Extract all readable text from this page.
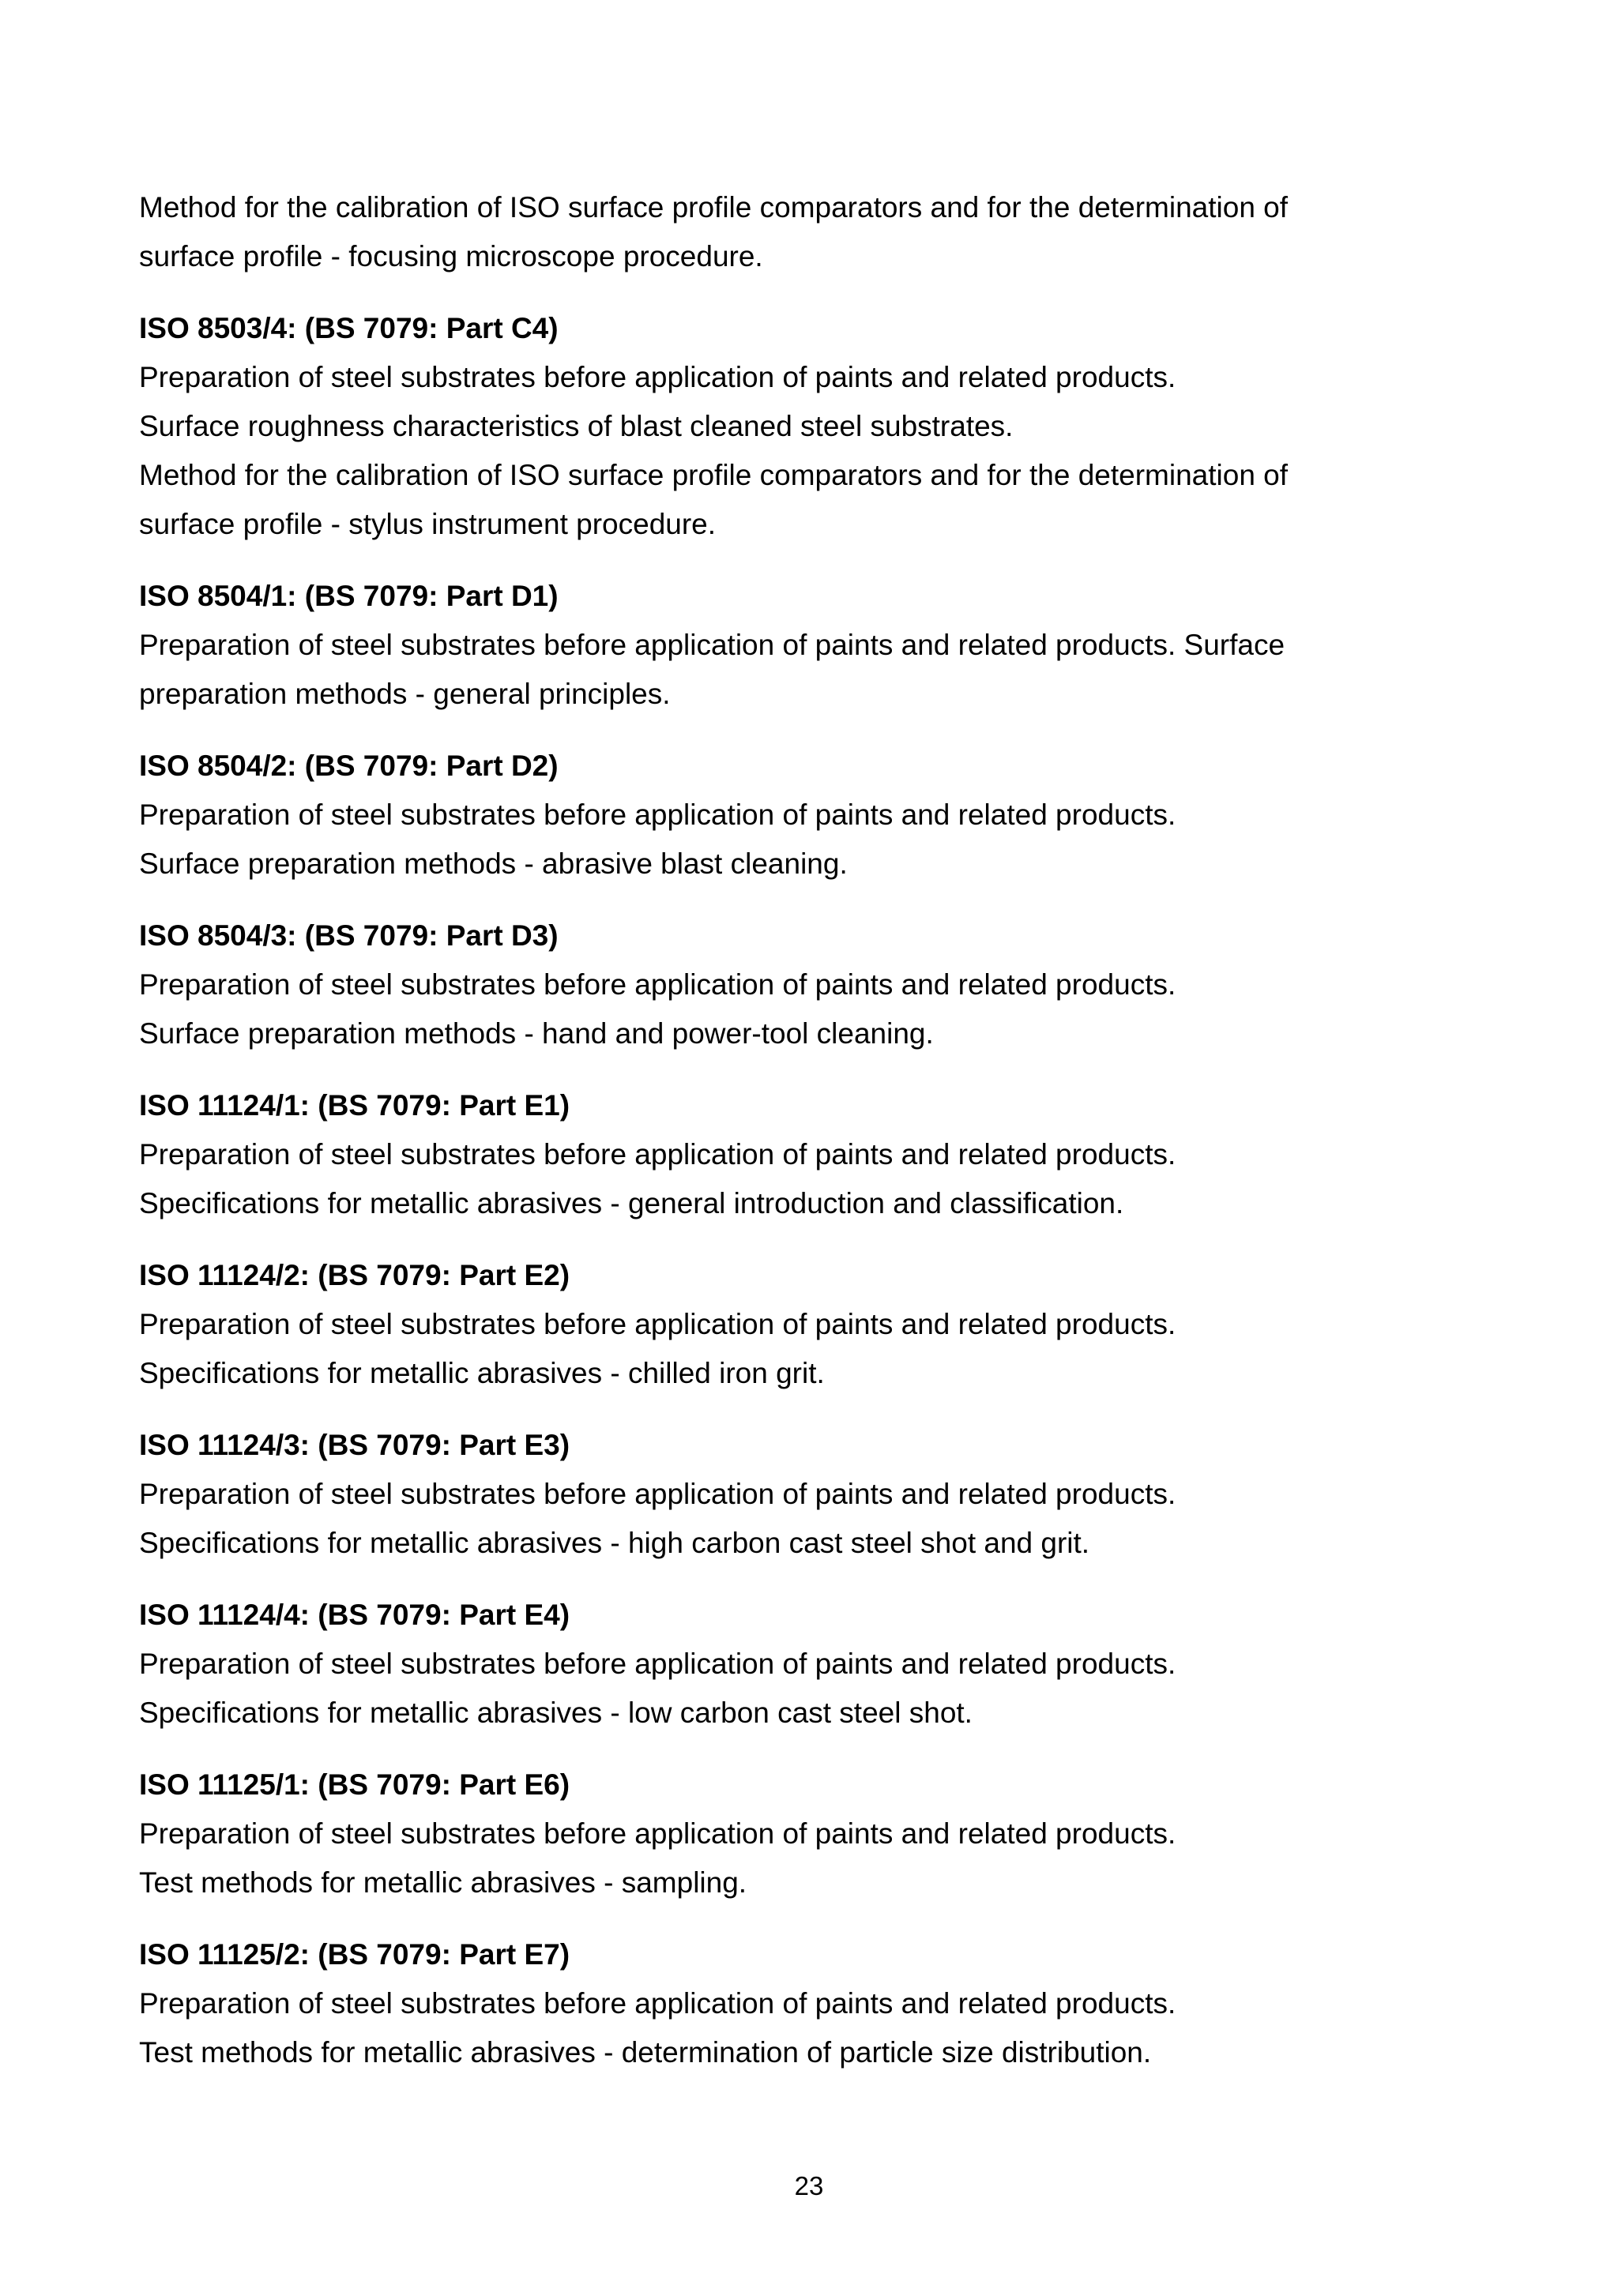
Method for the calibration of ISO surface profile comparators and for the determination of

surface profile - focusing microscope procedure.

ISO 8503/4: (BS 7079: Part C4)

Preparation of steel substrates before application of paints and related products.

Surface roughness characteristics of blast cleaned steel substrates.

Method for the calibration of ISO surface profile comparators and for the determination of

surface profile - stylus instrument procedure.

ISO 8504/1: (BS 7079: Part D1)

Preparation of steel substrates before application of paints and related products. Surface

preparation methods - general principles.

ISO 8504/2: (BS 7079: Part D2)

Preparation of steel substrates before application of paints and related products.

Surface preparation methods - abrasive blast cleaning.

ISO 8504/3: (BS 7079: Part D3)

Preparation of steel substrates before application of paints and related products.

Surface preparation methods - hand and power-tool cleaning.

ISO 11124/1: (BS 7079: Part E1)

Preparation of steel substrates before application of paints and related products.

Specifications for metallic abrasives - general introduction and classification.

ISO 11124/2: (BS 7079: Part E2)

Preparation of steel substrates before application of paints and related products.

Specifications for metallic abrasives - chilled iron grit.

ISO 11124/3: (BS 7079: Part E3)

Preparation of steel substrates before application of paints and related products.

Specifications for metallic abrasives - high carbon cast steel shot and grit.

ISO 11124/4: (BS 7079: Part E4)

Preparation of steel substrates before application of paints and related products.

Specifications for metallic abrasives - low carbon cast steel shot.

ISO 11125/1: (BS 7079: Part E6)

Preparation of steel substrates before application of paints and related products.

Test methods for metallic abrasives - sampling.

ISO 11125/2: (BS 7079: Part E7)

Preparation of steel substrates before application of paints and related products.

Test methods for metallic abrasives - determination of particle size distribution.

23
